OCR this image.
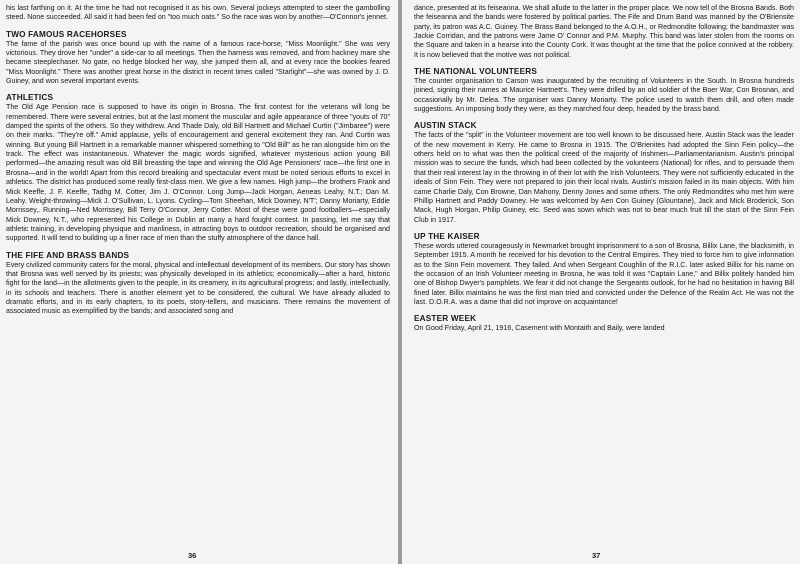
his last farthing on it. At the time he had not recognised it as his own. Several jockeys attempted to steer the gambolling steed. None succeeded. All said it had been fed on "too much oats." So the race was won by another—O'Connor's jennet.

TWO FAMOUS RACEHORSES

The fame of the parish was once bound up with the name of a famous race-horse, "Miss Moonlight." She was very victorious. They drove her "under" a side-car to all meetings. Then the harness was removed, and from hackney mare she became steeplechaser. No gate, no hedge blocked her way, she jumped them all, and at every race the bookies feared "Miss Moonlight." There was another great horse in the district in recent times called "Starlight"—she was owned by J. D. Guiney, and won several important events.

ATHLETICS

The Old Age Pension race is supposed to have its origin in Brosna. The first contest for the veterans will long be remembered. There were several entries, but at the last moment the muscular and agile appearance of three "youts of 70" damped the spirits of the others. So they withdrew. And Thade Daly, old Bill Hartnett and Michael Curtin ("Jimbaree") were on their marks. "They're off." Amid applause, yells of encouragement and general excitement they ran. And Curtin was winning. But young Bill Hartnett in a remarkable manner whispered something to "Old Bill" as he ran alongside him on the track. The effect was instantaneous. Whatever the magic words signified, whatever mysterious action young Bill performed—the amazing result was old Bill breasting the tape and winning the Old Age Pensioners' race—the first one in Brosna—and in the world! Apart from this record breaking and spectacular event must be noted serious efforts to excel in athletics. The district has produced some really first-class men. We give a few names. High jump—the brothers Frank and Mick Keeffe, J. F. Keeffe, Tadhg M. Cotter, Jim J. O'Connor. Long Jump—Jack Horgan, Aeneas Leahy, N.T.; Dan M. Leahy. Weight-throwing—Mick J. O'Sullivan, L. Lyons. Cycling—Tom Sheehan, Mick Downey, N'T'; Danny Moriarty, Eddie Morrissey,. Running—Ned Morrissey, Bill Terry O'Connor, Jerry Cotter. Most of these were good footballers—especially Mick Downey, N.T., who represented his College in Dublin at many a hard fought contest. In passing, let me say that athletic training, in developing physique and manliness, in attracting boys to outdoor recreation, should be organised and supported. It will tend to building up a finer race of men than the stuffy atmosphere of the dance hall.

THE FIFE AND BRASS BANDS

Every civilized community caters for the moral, physical and intellectual development of its members. Our story has shown that Brosna was well served by its priests; was physically developed in its athletics; economically—after a hard, historic fight for the land—in the allotments given to the people, in its creamery, in its agricultural progress; and lastly, intellectually, in its schools and teachers. There is another element yet to be considered, the cultural. We have already alluded to dramatic efforts, and in its early chapters, to its poets, story-tellers, and musicians. There remains the movement of associated music as exemplified by the bands; and associated song and

36

dance, presented at its feiseanna. We shall allude to the latter in the proper place. We now tell of the Brosna Bands. Both the feiseanna and the bands were fostered by political parties. The Fife and Drum Band was manned by the O'Briensite party, its patron was A.C. Guiney. The Brass Band belonged to the A.O.H., or Redmondite following; the bandmaster was Jackie Corridan, and the patrons were Jame O' Connor and P.M. Murphy. This band was later stolen from the rooms on the Square and taken in a hearse into the County Cork. It was thought at the time that the police connived at the robbery. It is now believed that the motive was not political.

THE NATIONAL VOLUNTEERS

The counter organisation to Carson was inaugurated by the recruiting of Volunteers in the South. In Brosna hundreds joined, signing their names at Maurice Hartnett's. They were drilled by an old soldier of the Boer War, Con Brosnan, and occasionally by Mr. Delea. The organiser was Danny Moriarty. The police used to watch them drill, and often made suggestions. An imposing body they were, as they marched four deep, headed by the brass band.

AUSTIN STACK

The facts of the "split" in the Volunteer movement are too well known to be discussed here. Austin Stack was the leader of the new movement in Kerry. He came to Brosna in 1915. The O'Brienites had adopted the Sinn Fein policy—the others held on to what was then the political creed of the majority of Irishmen—Parliamentarianism. Austin's principal mission was to secure the funds, which had been collected by the volunteers (National) for rifles, and to persuade them that their real interest lay in the throwing in of their lot with the Irish Volunteers. They were not sufficiently educated in the ideals of Sinn Fein. They were not prepared to join their local rivals. Austin's mission failed in its main objects. With him came Charlie Daly, Con Browne, Dan Mahony, Denny Jones and some others. The only Redmondites who met him were Phillip Hartnett and Paddy Downey. He was welcomed by Aen Con Guiney (Glountane), Jack and Mick Broderick, Son Mack, Hugh Horgan, Philip Guiney, etc. Seed was sown which was not to bear much fruit till the start of the Sinn Fein Club in 1917.

UP THE KAISER

These words uttered courageously in Newmarket brought imprisonment to a son of Brosna, Billix Lane, the blacksmith, in September 1915. A month he received for his devotion to the Central Empires. They tried to force him to give information as to the Sinn Fein movement. They failed. And when Sergeant Coughlin of the R.I.C. later asked Billix for his name on the occasion of an Irish Volunteer meeting in Brosna, he was told it was "Captain Lane," and Billix politely handed him one of Bishop Dwyer's pamphlets. We fear it did not change the Sergeants outlook, for he had no hesitation in having Bill fined later. Billix maintains he was the first man tried and convicted under the Defence of the Realm Act. He was not the last. D.O.R.A. was a dame that did not improve on acquaintance!

EASTER WEEK

On Good Friday, April 21, 1916, Casement with Montaith and Baily, were landed

37
